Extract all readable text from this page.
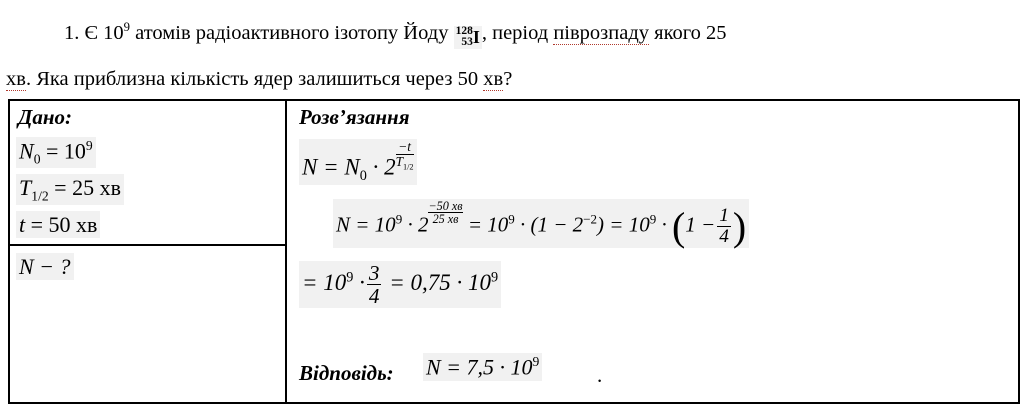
1. Є $10^9$ атомів радіоактивного ізотопу Йоду 128
53I, період піврозпаду якого 25
хв. Яка приблизна кількість ядер залишиться через 50 хв?
Дано:
$N_0 = 10^9$
$T_{1/2} = 25$ хв
t = 50 хв
N − ?
Розв’язання
$N = N_0 \cdot 2 \frac{-t}{T_{1/2}}$
$N = 10^9 \cdot 2 \frac{-50 хв}{25 хв} = 10^9 \cdot (1 - 2^{-2}) = 10^9 \cdot (1 - \frac{1}{4}$ )
= $10^9 \cdot \frac{3}{4} = 0,75 \cdot 10^9$
Відповідь: $N = 7,5 \cdot 10^9$
.
